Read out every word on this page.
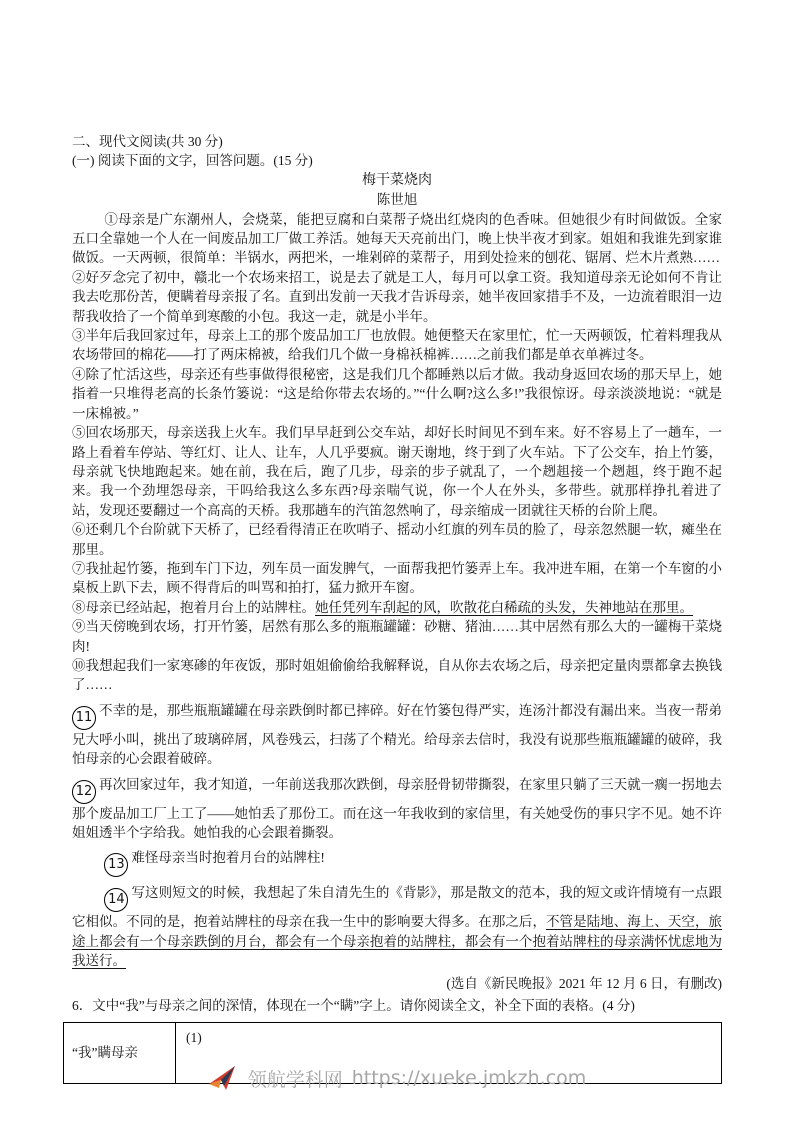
二、现代文阅读(共 30 分)

(一) 阅读下面的文字，回答问题。(15 分)

梅干菜烧肉

陈世旭

①母亲是广东潮州人，会烧菜，能把豆腐和白菜帮子烧出红烧肉的色香味。但她很少有时间做饭。全家五口全靠她一个人在一间废品加工厂做工养活。她每天天亮前出门，晚上快半夜才到家。姐姐和我谁先到家谁做饭。一天两顿，很简单：半锅水，两把米，一堆剁碎的菜帮子，用到处捡来的刨花、锯屑、烂木片煮熟……

②好歹念完了初中，赣北一个农场来招工，说是去了就是工人，每月可以拿工资。我知道母亲无论如何不肯让我去吃那份苦，便瞒着母亲报了名。直到出发前一天我才告诉母亲，她半夜回家措手不及，一边流着眼泪一边帮我收拾了一个简单到寒酸的小包。我这一走，就是小半年。

③半年后我回家过年，母亲上工的那个废品加工厂也放假。她便整天在家里忙，忙一天两顿饭，忙着料理我从农场带回的棉花——打了两床棉被，给我们几个做一身棉袄棉裤……之前我们都是单衣单裤过冬。

④除了忙活这些，母亲还有些事做得很秘密，这是我们几个都睡熟以后才做。我动身返回农场的那天早上，她指着一只堆得老高的长条竹篓说：“这是给你带去农场的。”“什么啊?这么多!”我很惊讶。母亲淡淡地说：“就是一床棉被。”

⑤回农场那天，母亲送我上火车。我们早早赶到公交车站，却好长时间见不到车来。好不容易上了一趟车，一路上看着车停站、等红灯、让人、让车，人几乎要疯。谢天谢地，终于到了火车站。下了公交车，抬上竹篓，母亲就飞快地跑起来。她在前，我在后，跑了几步，母亲的步子就乱了，一个趔趄接一个趔趄，终于跑不起来。我一个劲埋怨母亲，干吗给我这么多东西?母亲喘气说，你一个人在外头，多带些。就那样挣扎着进了站，发现还要翻过一个高高的天桥。我那趟车的汽笛忽然响了，母亲缩成一团就往天桥的台阶上爬。

⑥还剩几个台阶就下天桥了，已经看得清正在吹哨子、摇动小红旗的列车员的脸了，母亲忽然腿一软，瘫坐在那里。

⑦我扯起竹篓，拖到车门下边，列车员一面发脾气，一面帮我把竹篓弄上车。我冲进车厢，在第一个车窗的小桌板上趴下去，顾不得背后的叫骂和拍打，猛力掀开车窗。

⑧母亲已经站起，抱着月台上的站牌柱。她任凭列车刮起的风，吹散花白稀疏的头发，失神地站在那里。

⑨当天傍晚到农场，打开竹篓，居然有那么多的瓶瓶罐罐：砂糖、猪油……其中居然有那么大的一罐梅干菜烧肉!

⑩我想起我们一家寒碜的年夜饭，那时姐姐偷偷给我解释说，自从你去农场之后，母亲把定量肉票都拿去换钱了……

11 不幸的是，那些瓶瓶罐罐在母亲跌倒时都已摔碎。好在竹篓包得严实，连汤汁都没有漏出来。当夜一帮弟兄大呼小叫，挑出了玻璃碎屑，风卷残云，扫荡了个精光。给母亲去信时，我没有说那些瓶瓶罐罐的破碎，我怕母亲的心会跟着破碎。

12 再次回家过年，我才知道，一年前送我那次跌倒，母亲胫骨韧带撕裂，在家里只躺了三天就一瘸一拐地去那个废品加工厂上工了——她怕丢了那份工。而在这一年我收到的家信里，有关她受伤的事只字不见。她不许姐姐透半个字给我。她怕我的心会跟着撕裂。

13 难怪母亲当时抱着月台的站牌柱!

14 写这则短文的时候，我想起了朱自清先生的《背影》，那是散文的范本，我的短文或许情境有一点跟它相似。不同的是，抱着站牌柱的母亲在我一生中的影响要大得多。在那之后，不管是陆地、海上、天空，旅途上都会有一个母亲跌倒的月台，都会有一个母亲抱着的站牌柱，都会有一个抱着站牌柱的母亲满怀忧虑地为我送行。

(选自《新民晚报》2021 年 12 月 6 日，有删改)

6．文中“我”与母亲之间的深情，体现在一个“瞒”字上。请你阅读全文，补全下面的表格。(4 分)

“我”瞒母亲	(1)
领航学科网 https://xueke.jmkzh.com
